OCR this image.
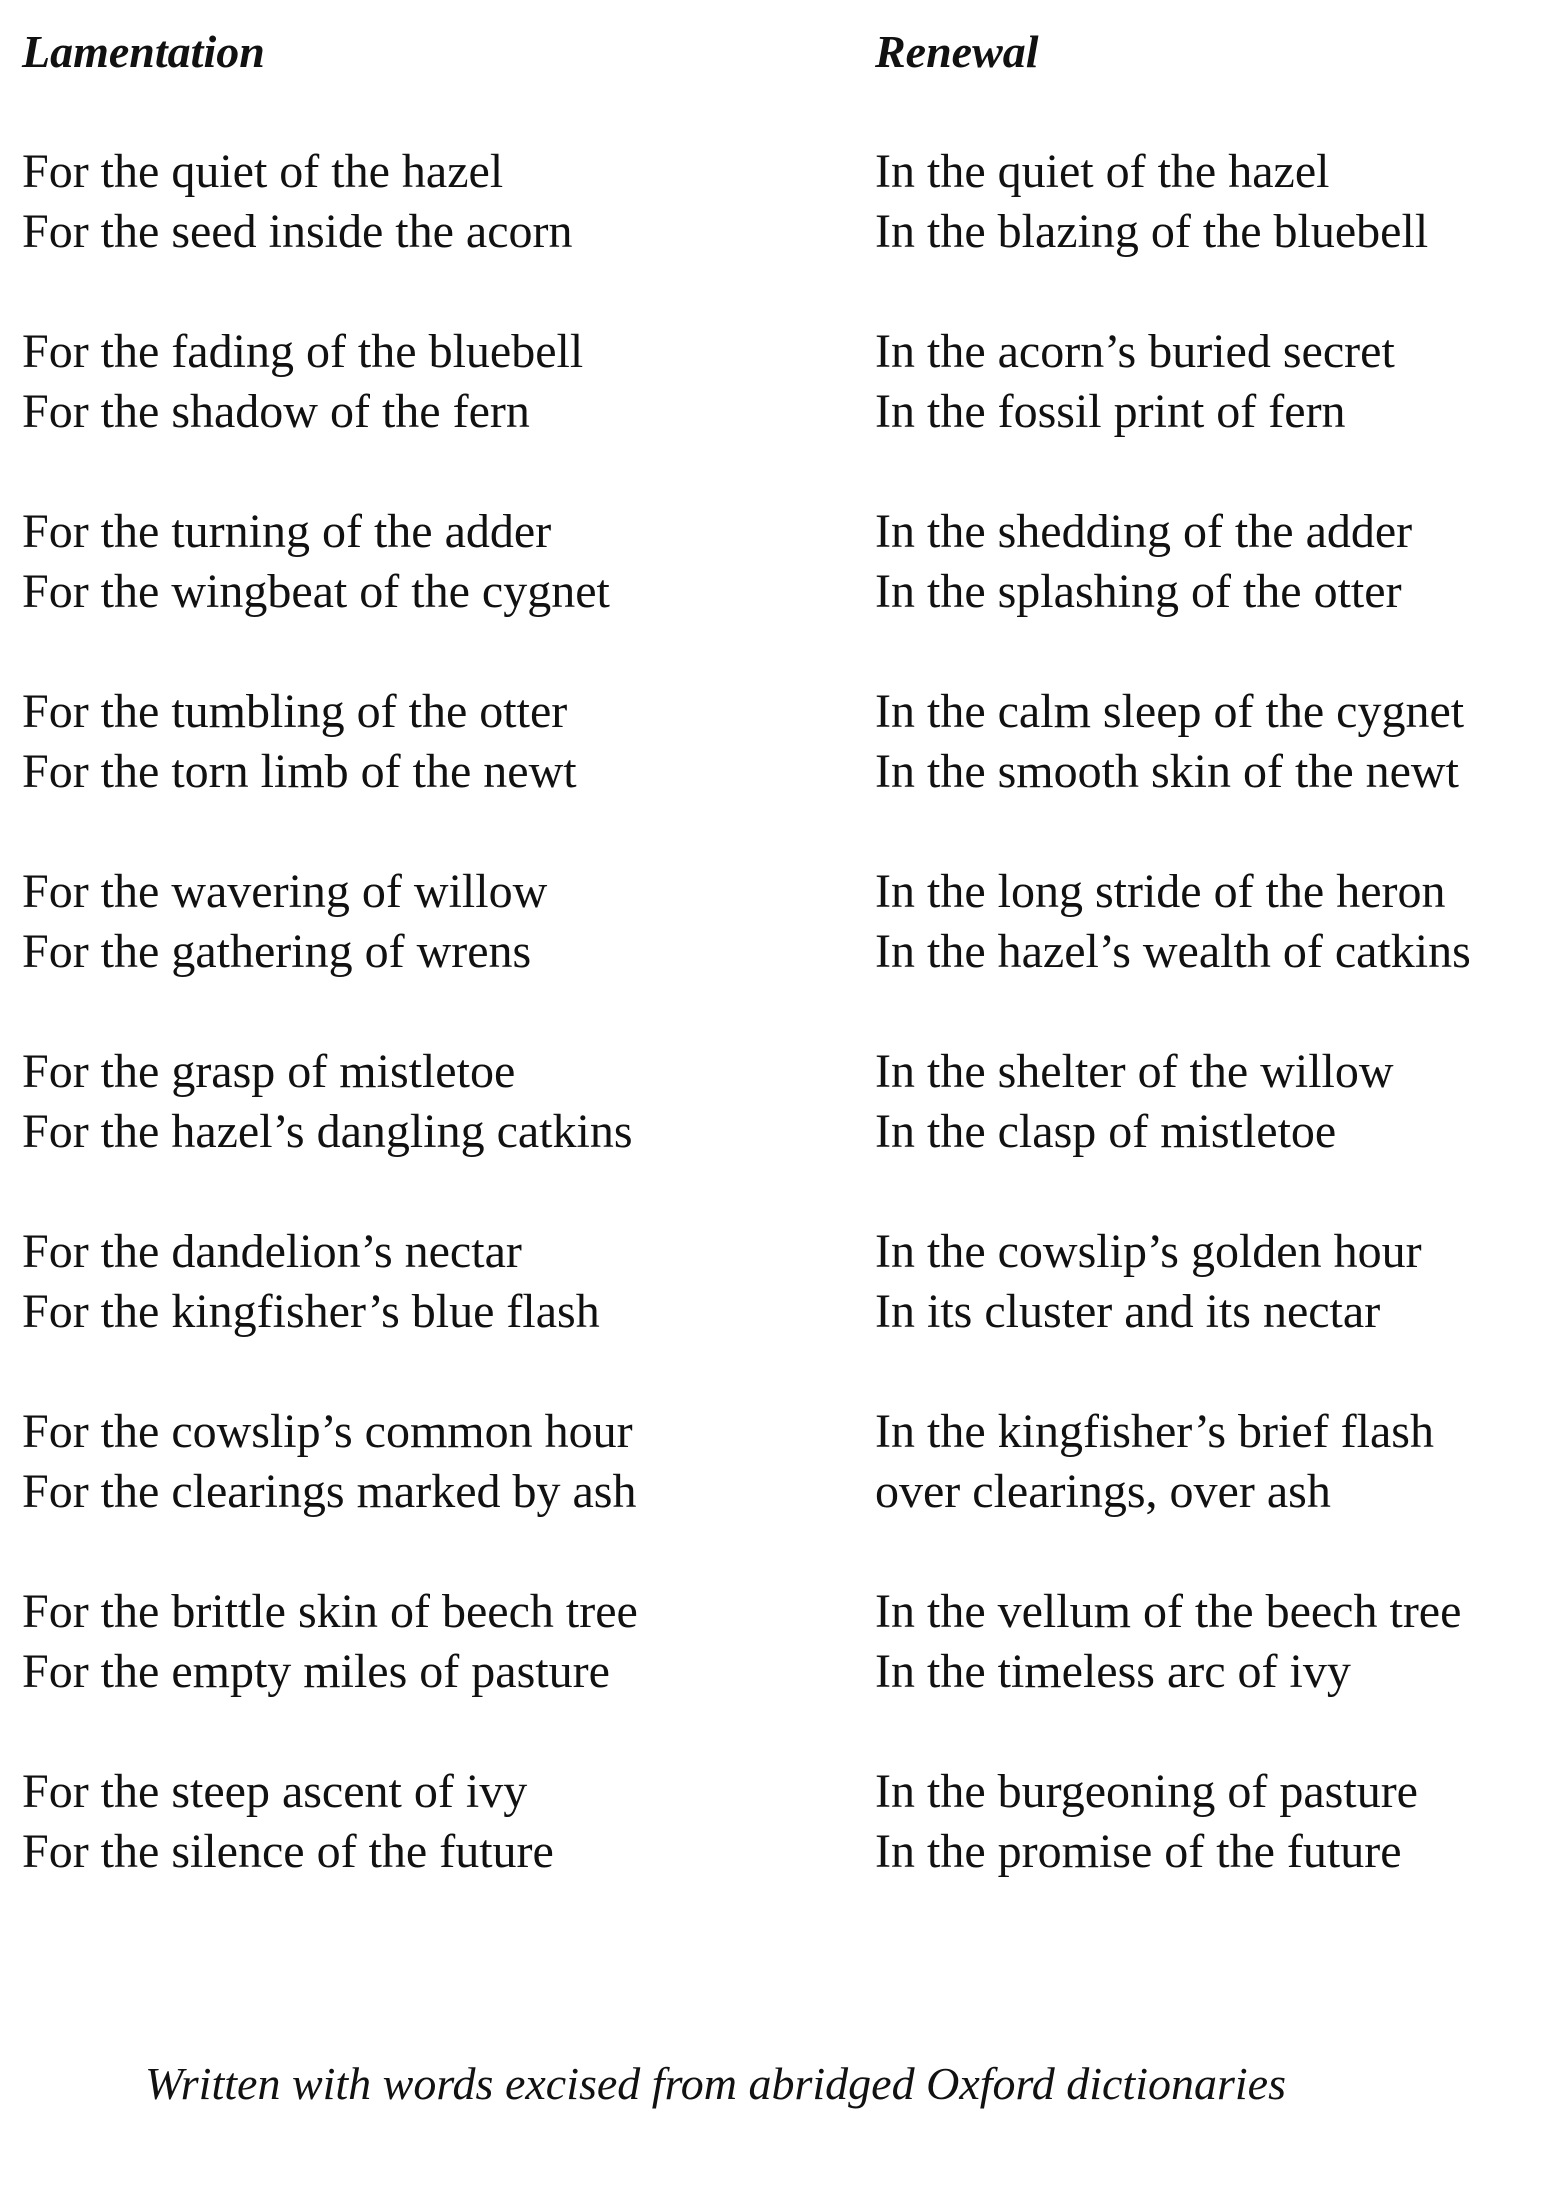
Lamentation
For the quiet of the hazel
For the seed inside the acorn
For the fading of the bluebell
For the shadow of the fern
For the turning of the adder
For the wingbeat of the cygnet
For the tumbling of the otter
For the torn limb of the newt
For the wavering of willow
For the gathering of wrens
For the grasp of mistletoe
For the hazel’s dangling catkins
For the dandelion’s nectar
For the kingfisher’s blue flash
For the cowslip’s common hour
For the clearings marked by ash
For the brittle skin of beech tree
For the empty miles of pasture
For the steep ascent of ivy
For the silence of the future
Renewal
In the quiet of the hazel
In the blazing of the bluebell
In the acorn’s buried secret
In the fossil print of fern
In the shedding of the adder
In the splashing of the otter
In the calm sleep of the cygnet
In the smooth skin of the newt
In the long stride of the heron
In the hazel’s wealth of catkins
In the shelter of the willow
In the clasp of mistletoe
In the cowslip’s golden hour
In its cluster and its nectar
In the kingfisher’s brief flash
over clearings, over ash
In the vellum of the beech tree
In the timeless arc of ivy
In the burgeoning of pasture
In the promise of the future
Written with words excised from abridged Oxford dictionaries
